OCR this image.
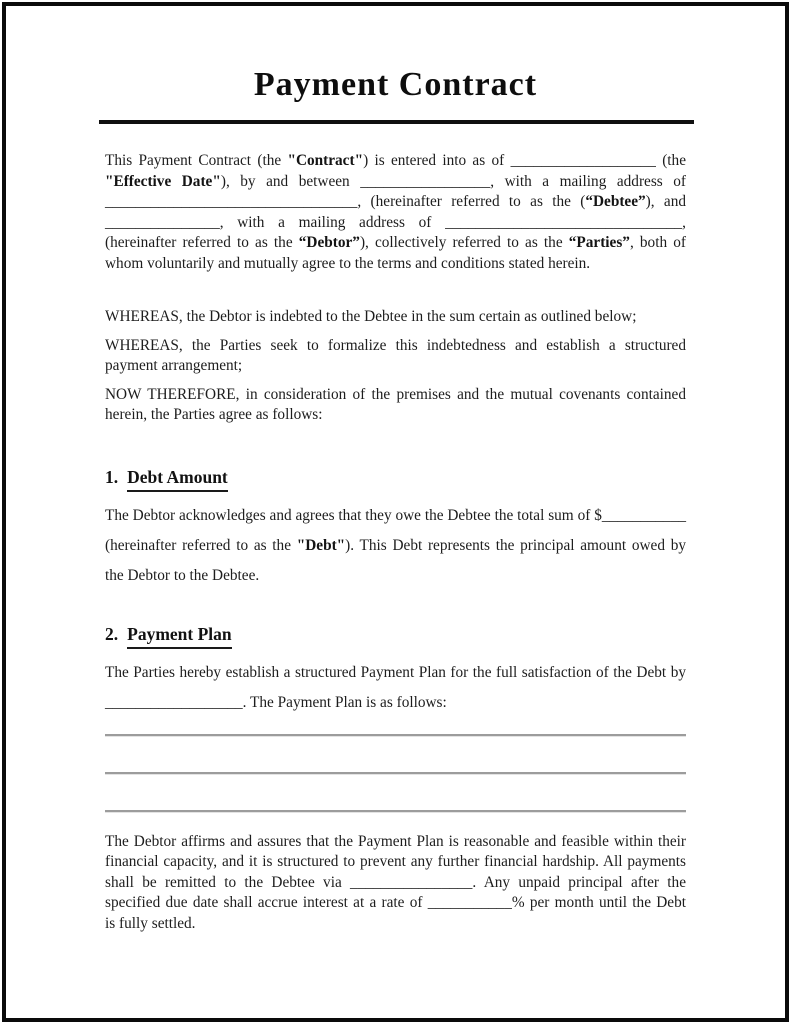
Payment Contract

This Payment Contract (the "Contract") is entered into as of ___________________ (the

"Effective Date"), by and between _________________, with a mailing address of

_________________________________, (hereinafter referred to as the (“Debtee”), and

_______________, with a mailing address of _______________________________,

(hereinafter referred to as the “Debtor”), collectively referred to as the “Parties”, both of

whom voluntarily and mutually agree to the terms and conditions stated herein.

WHEREAS, the Debtor is indebted to the Debtee in the sum certain as outlined below;

WHEREAS, the Parties seek to formalize this indebtedness and establish a structured

payment arrangement;

NOW THEREFORE, in consideration of the premises and the mutual covenants contained

herein, the Parties agree as follows:

1. Debt Amount

The Debtor acknowledges and agrees that they owe the Debtee the total sum of $___________

(hereinafter referred to as the "Debt"). This Debt represents the principal amount owed by

the Debtor to the Debtee.

2. Payment Plan

The Parties hereby establish a structured Payment Plan for the full satisfaction of the Debt by

__________________. The Payment Plan is as follows:

The Debtor affirms and assures that the Payment Plan is reasonable and feasible within their

financial capacity, and it is structured to prevent any further financial hardship. All payments

shall be remitted to the Debtee via ________________. Any unpaid principal after the

specified due date shall accrue interest at a rate of ___________% per month until the Debt

is fully settled.
